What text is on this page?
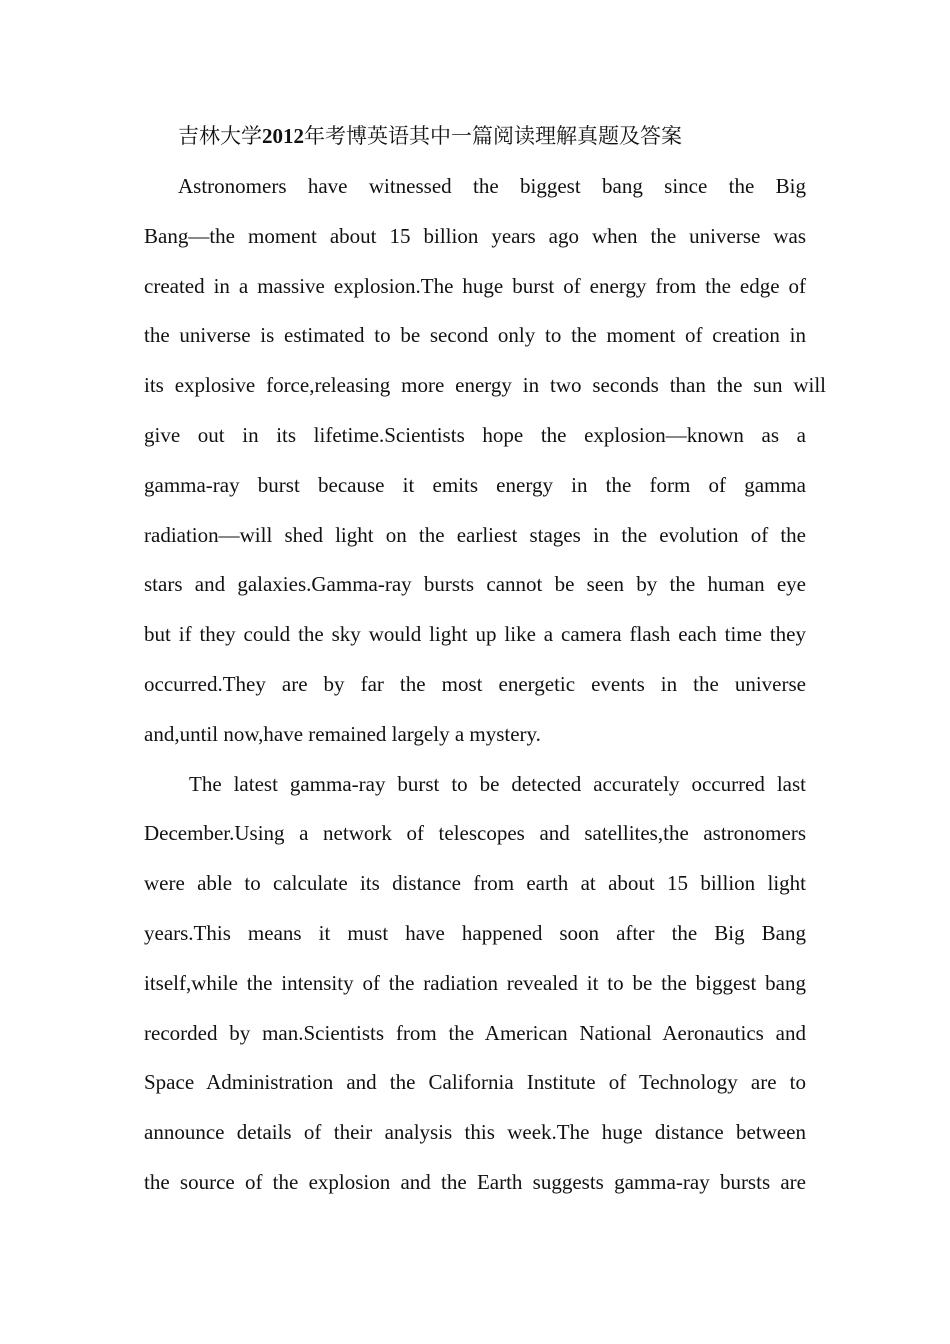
吉林大学2012年考博英语其中一篇阅读理解真题及答案
Astronomers have witnessed the biggest bang since the Big
Bang—the moment about 15 billion years ago when the universe was
created in a massive explosion.The huge burst of energy from the edge of
the universe is estimated to be second only to the moment of creation in
its explosive force,releasing more energy in two seconds than the sun will
give out in its lifetime.Scientists hope the explosion—known as a
gamma-ray burst because it emits energy in the form of gamma
radiation—will shed light on the earliest stages in the evolution of the
stars and galaxies.Gamma-ray bursts cannot be seen by the human eye
but if they could the sky would light up like a camera flash each time they
occurred.They are by far the most energetic events in the universe
and,until now,have remained largely a mystery.
The latest gamma-ray burst to be detected accurately occurred last
December.Using a network of telescopes and satellites,the astronomers
were able to calculate its distance from earth at about 15 billion light
years.This means it must have happened soon after the Big Bang
itself,while the intensity of the radiation revealed it to be the biggest bang
recorded by man.Scientists from the American National Aeronautics and
Space Administration and the California Institute of Technology are to
announce details of their analysis this week.The huge distance between
the source of the explosion and the Earth suggests gamma-ray bursts are
